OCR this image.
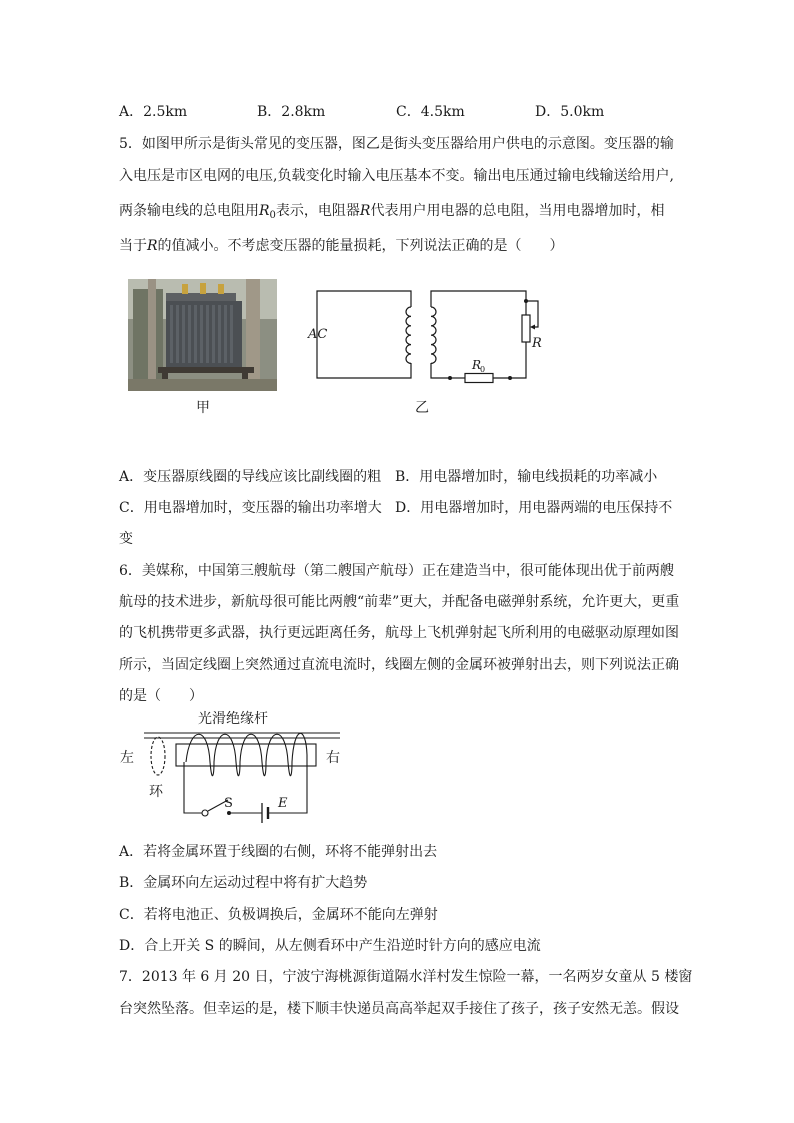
A．2.5km	B．2.8km	C．4.5km	D．5.0km
5．如图甲所示是街头常见的变压器，图乙是街头变压器给用户供电的示意图。变压器的输
入电压是市区电网的电压,负载变化时输入电压基本不变。输出电压通过输电线输送给用户,
两条输电线的总电阻用$R_0$表示，电阻器R代表用户用电器的总电阻，当用电器增加时，相
当于R的值减小。不考虑变压器的能量损耗，下列说法正确的是（　　）
甲
AC
R
R
0
乙
A．变压器原线圈的导线应该比副线圈的粗 B．用电器增加时，输电线损耗的功率减小
C．用电器增加时，变压器的输出功率增大 D．用电器增加时，用电器两端的电压保持不
变
6．美媒称，中国第三艘航母（第二艘国产航母）正在建造当中，很可能体现出优于前两艘
航母的技术进步，新航母很可能比两艘“前辈”更大，并配备电磁弹射系统，允许更大，更重
的飞机携带更多武器，执行更远距离任务，航母上飞机弹射起飞所利用的电磁驱动原理如图
所示，当固定线圈上突然通过直流电流时，线圈左侧的金属环被弹射出去，则下列说法正确
的是（　　）
光滑绝缘杆
左	右
环
S	E
A．若将金属环置于线圈的右侧，环将不能弹射出去
B．金属环向左运动过程中将有扩大趋势
C．若将电池正、负极调换后，金属环不能向左弹射
D．合上开关 S 的瞬间，从左侧看环中产生沿逆时针方向的感应电流
7．2013 年 6 月 20 日，宁波宁海桃源街道隔水洋村发生惊险一幕，一名两岁女童从 5 楼窗
台突然坠落。但幸运的是，楼下顺丰快递员高高举起双手接住了孩子，孩子安然无恙。假设
